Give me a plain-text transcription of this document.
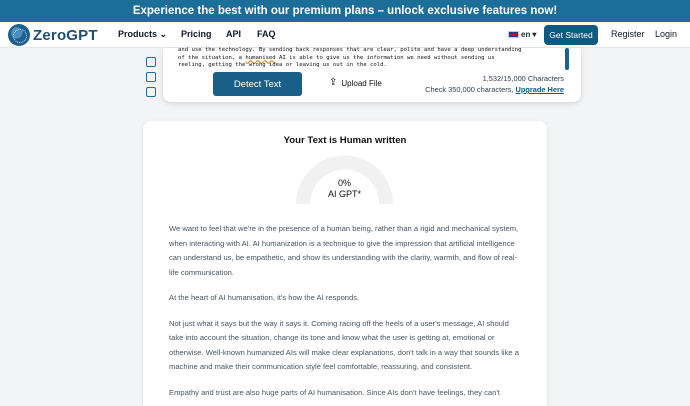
Experience the best with our premium plans – unlock exclusive features now!
ZeroGPT Products ⌄ Pricing API FAQ	en ▾	Get Started	Register Login
and use the technology. By sending back responses that are clear, polite and have a deep understanding
of the situation, a humanised AI is able to give us the information we need without sending us
reeling, getting the wrong idea or leaving us out in the cold.
Detect Text	⇪ Upload File	1,532/15,000 Characters
Check 350,000 characters, Upgrade Here
Your Text is Human written
0%
AI GPT*

We want to feel that we're in the presence of a human being, rather than a rigid and mechanical system, when interacting with AI. AI humanization is a technique to give the impression that artificial intelligence can understand us, be empathetic, and show its understanding with the clarity, warmth, and flow of real-life communication.

At the heart of AI humanisation, it's how the AI responds.

Not just what it says but the way it says it. Coming racing off the heels of a user's message, AI should take into account the situation, change its tone and know what the user is getting at, emotional or otherwise. Well-known humanized AIs will make clear explanations, don't talk in a way that sounds like a machine and make their communication style feel comfortable, reassuring, and consistent.

Empathy and trust are also huge parts of AI humanisation. Since AIs don't have feelings, they can't
